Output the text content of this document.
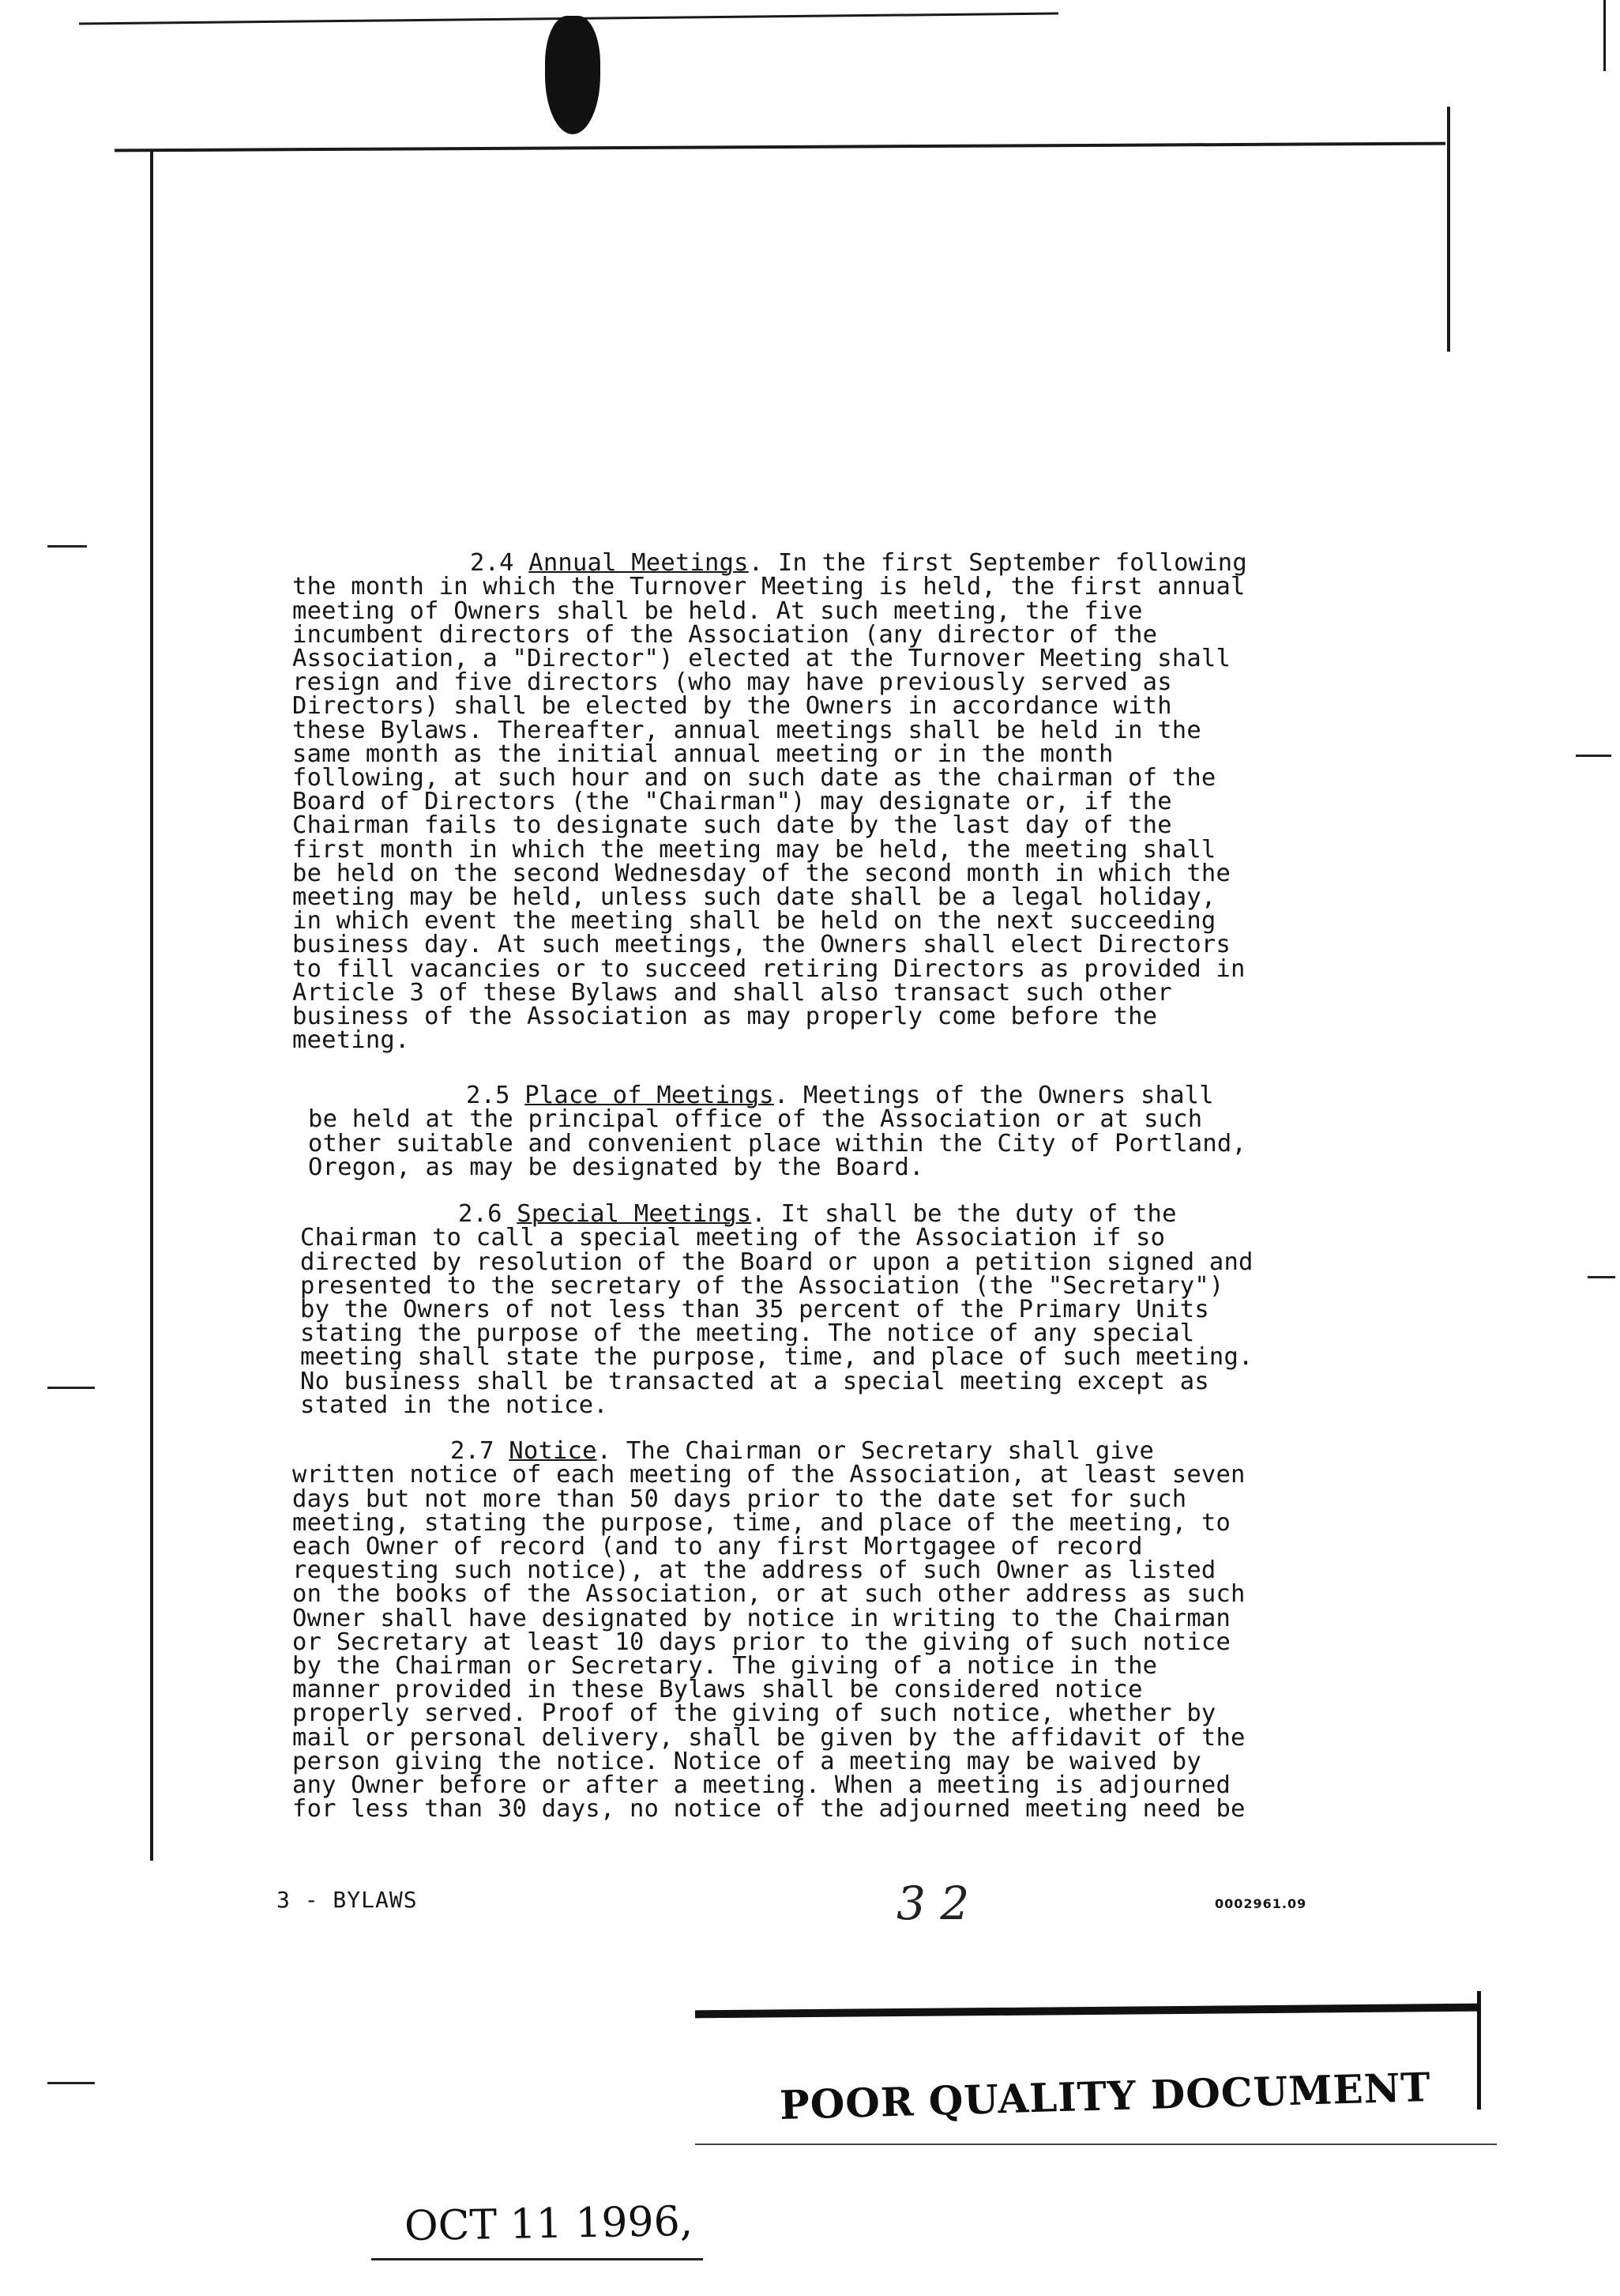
2.4 Annual Meetings. In the first September following
the month in which the Turnover Meeting is held, the first annual
meeting of Owners shall be held. At such meeting, the five
incumbent directors of the Association (any director of the
Association, a "Director") elected at the Turnover Meeting shall
resign and five directors (who may have previously served as
Directors) shall be elected by the Owners in accordance with
these Bylaws. Thereafter, annual meetings shall be held in the
same month as the initial annual meeting or in the month
following, at such hour and on such date as the chairman of the
Board of Directors (the "Chairman") may designate or, if the
Chairman fails to designate such date by the last day of the
first month in which the meeting may be held, the meeting shall
be held on the second Wednesday of the second month in which the
meeting may be held, unless such date shall be a legal holiday,
in which event the meeting shall be held on the next succeeding
business day. At such meetings, the Owners shall elect Directors
to fill vacancies or to succeed retiring Directors as provided in
Article 3 of these Bylaws and shall also transact such other
business of the Association as may properly come before the
meeting.

2.5 Place of Meetings. Meetings of the Owners shall
be held at the principal office of the Association or at such
other suitable and convenient place within the City of Portland,
Oregon, as may be designated by the Board.

2.6 Special Meetings. It shall be the duty of the
Chairman to call a special meeting of the Association if so
directed by resolution of the Board or upon a petition signed and
presented to the secretary of the Association (the "Secretary")
by the Owners of not less than 35 percent of the Primary Units
stating the purpose of the meeting. The notice of any special
meeting shall state the purpose, time, and place of such meeting.
No business shall be transacted at a special meeting except as
stated in the notice.

2.7 Notice. The Chairman or Secretary shall give
written notice of each meeting of the Association, at least seven
days but not more than 50 days prior to the date set for such
meeting, stating the purpose, time, and place of the meeting, to
each Owner of record (and to any first Mortgagee of record
requesting such notice), at the address of such Owner as listed
on the books of the Association, or at such other address as such
Owner shall have designated by notice in writing to the Chairman
or Secretary at least 10 days prior to the giving of such notice
by the Chairman or Secretary. The giving of a notice in the
manner provided in these Bylaws shall be considered notice
properly served. Proof of the giving of such notice, whether by
mail or personal delivery, shall be given by the affidavit of the
person giving the notice. Notice of a meeting may be waived by
any Owner before or after a meeting. When a meeting is adjourned
for less than 30 days, no notice of the adjourned meeting need be

3 - BYLAWS	3 2	0002961.09
POOR QUALITY DOCUMENT
OCT 11 1996,
